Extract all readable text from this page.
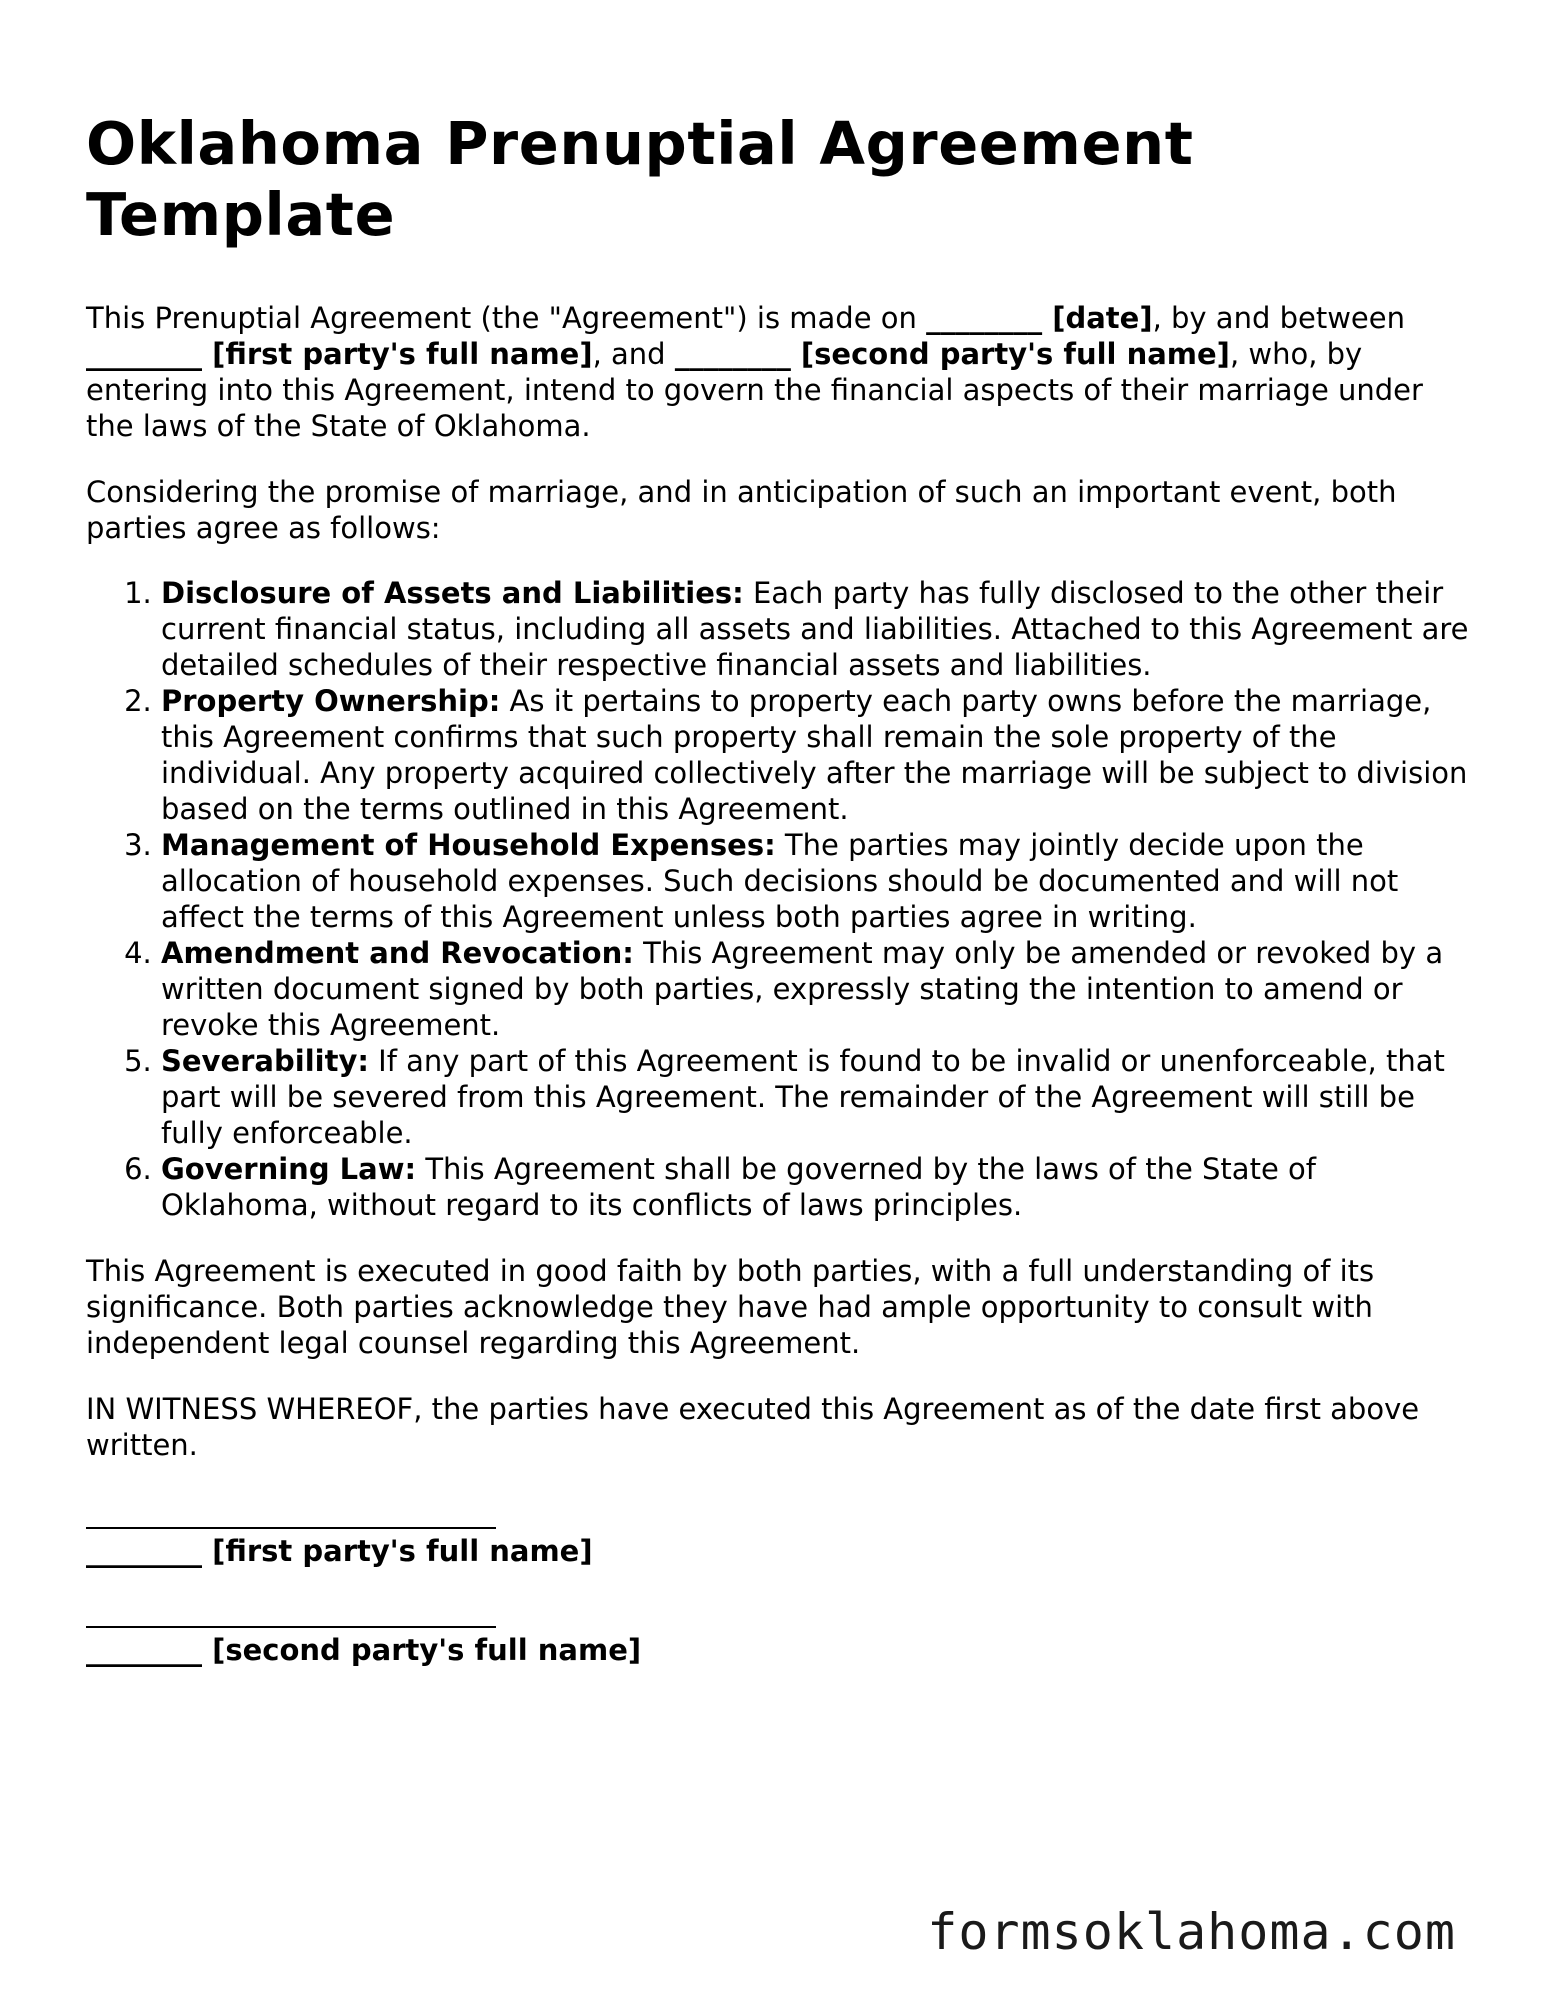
Oklahoma Prenuptial Agreement Template

This Prenuptial Agreement (the "Agreement") is made on ________ [date], by and between ________ [first party's full name], and ________ [second party's full name], who, by entering into this Agreement, intend to govern the financial aspects of their marriage under the laws of the State of Oklahoma.

Considering the promise of marriage, and in anticipation of such an important event, both parties agree as follows:

1. Disclosure of Assets and Liabilities: Each party has fully disclosed to the other their current financial status, including all assets and liabilities. Attached to this Agreement are detailed schedules of their respective financial assets and liabilities.
2. Property Ownership: As it pertains to property each party owns before the marriage, this Agreement confirms that such property shall remain the sole property of the individual. Any property acquired collectively after the marriage will be subject to division based on the terms outlined in this Agreement.
3. Management of Household Expenses: The parties may jointly decide upon the allocation of household expenses. Such decisions should be documented and will not affect the terms of this Agreement unless both parties agree in writing.
4. Amendment and Revocation: This Agreement may only be amended or revoked by a written document signed by both parties, expressly stating the intention to amend or revoke this Agreement.
5. Severability: If any part of this Agreement is found to be invalid or unenforceable, that part will be severed from this Agreement. The remainder of the Agreement will still be fully enforceable.
6. Governing Law: This Agreement shall be governed by the laws of the State of Oklahoma, without regard to its conflicts of laws principles.

This Agreement is executed in good faith by both parties, with a full understanding of its significance. Both parties acknowledge they have had ample opportunity to consult with independent legal counsel regarding this Agreement.

IN WITNESS WHEREOF, the parties have executed this Agreement as of the date first above written.

________ [first party's full name]
________ [second party's full name]
formsoklahoma.com
